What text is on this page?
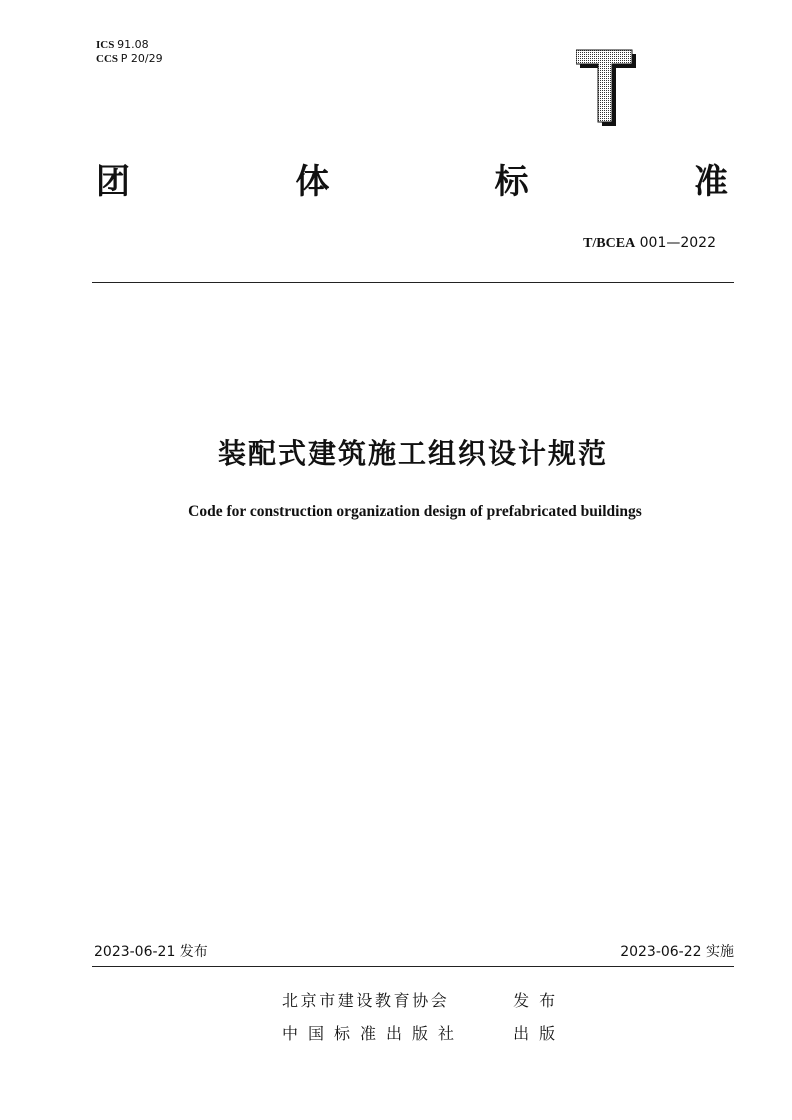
ICS 91.08
CCS P 20/29
团	体	标	准
T/BCEA 001—2022
装配式建筑施工组织设计规范
Code for construction organization design of prefabricated buildings
2023-06-21 发布	2023-06-22 实施
北京市建设教育协会	发布
中国标准出版社	出版
